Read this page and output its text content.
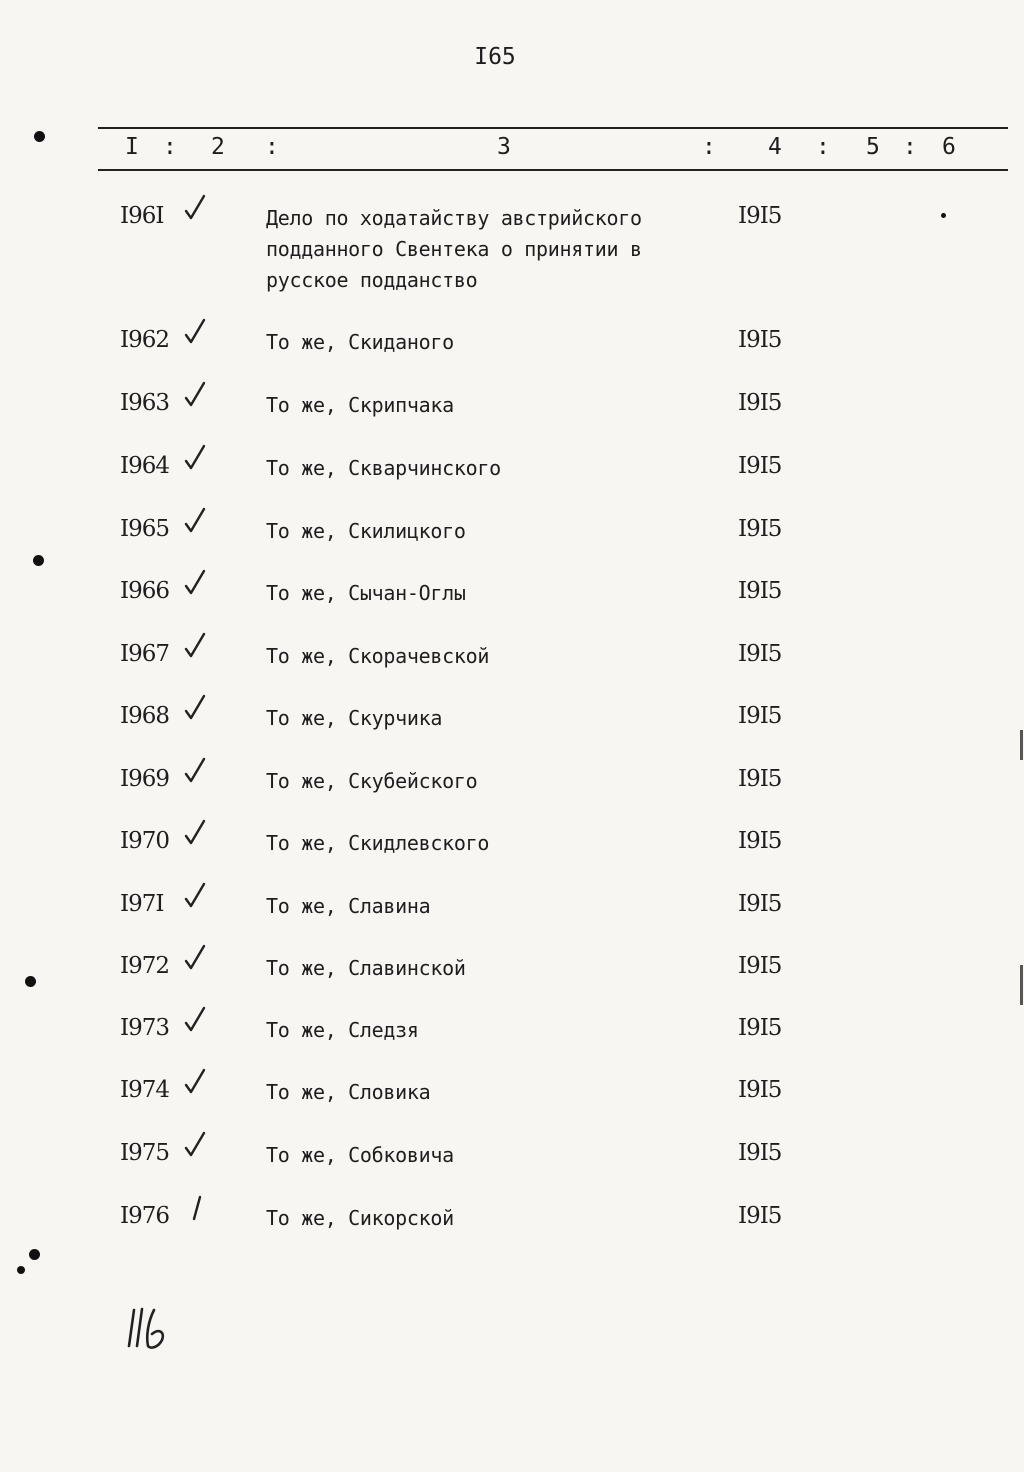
I65
I : 2 :	3	: 4 : 5 : 6
I96I	Дело по ходатайству австрийского
подданного Свентека о принятии в
русское подданство
I9I5
I962	То же, Скиданого	I9I5
I963	То же, Скрипчака	I9I5
I964	То же, Скварчинского	I9I5
I965	То же, Скилицкого	I9I5
I966	То же, Сычан-Оглы	I9I5
I967	То же, Скорачевской	I9I5
I968	То же, Скурчика	I9I5
I969	То же, Скубейского	I9I5
I970	То же, Скидлевского	I9I5
I97I	То же, Славина	I9I5
I972	То же, Славинской	I9I5
I973	То же, Следзя	I9I5
I974	То же, Словика	I9I5
I975	То же, Собковича	I9I5
I976	То же, Сикорской	I9I5
